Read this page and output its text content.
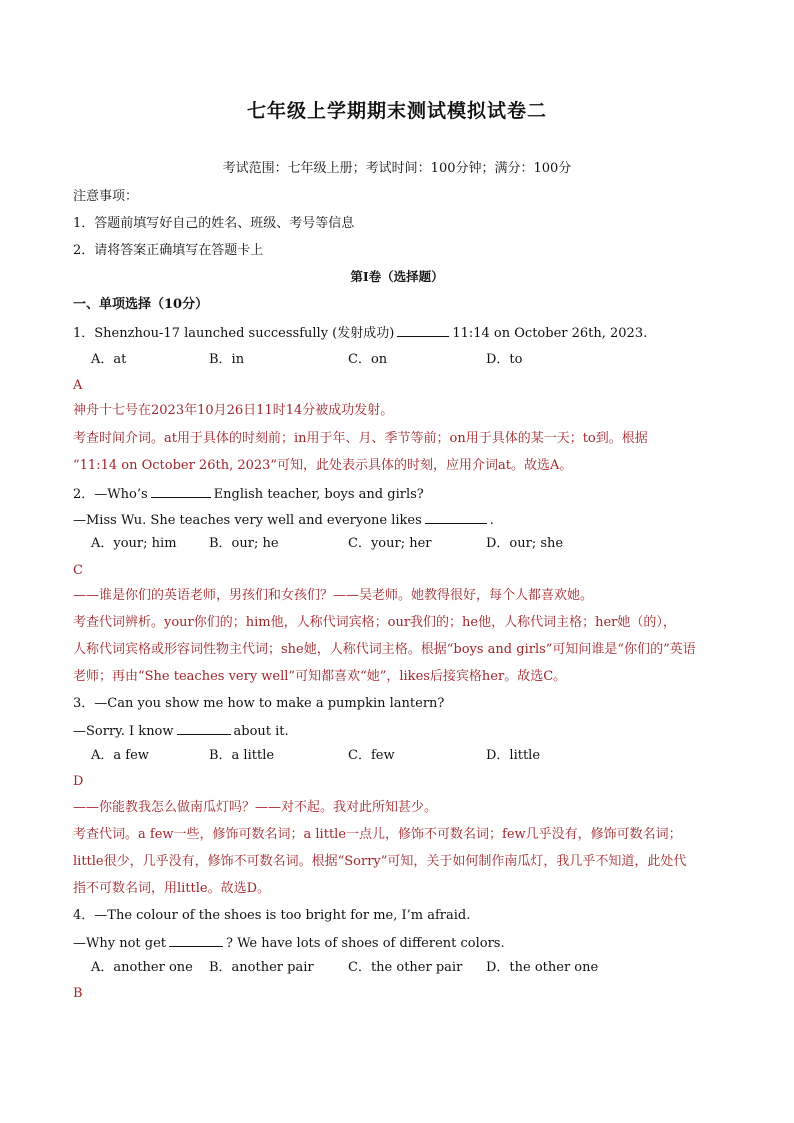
七年级上学期期末测试模拟试卷二
考试范围：七年级上册；考试时间：100分钟；满分：100分
注意事项：
1．答题前填写好自己的姓名、班级、考号等信息
2．请将答案正确填写在答题卡上
第I卷（选择题）
一、单项选择（10分）
1．Shenzhou-17 launched successfully (发射成功)	11:14 on October 26th, 2023.
A．at	B．in	C．on	D．to
A
神舟十七号在2023年10月26日11时14分被成功发射。
考查时间介词。at用于具体的时刻前；in用于年、月、季节等前；on用于具体的某一天；to到。根据
“11:14 on October 26th, 2023”可知，此处表示具体的时刻，应用介词at。故选A。
2．—Who’s	English teacher, boys and girls?
—Miss Wu. She teaches very well and everyone likes	.
A．your; him B．our; he	C．your; her	D．our; she
C
——谁是你们的英语老师，男孩们和女孩们？——吴老师。她教得很好，每个人都喜欢她。
考查代词辨析。your你们的；him他，人称代词宾格；our我们的；he他，人称代词主格；her她（的），
人称代词宾格或形容词性物主代词；she她，人称代词主格。根据“boys and girls”可知问谁是“你们的”英语
老师；再由“She teaches very well”可知都喜欢“她”，likes后接宾格her。故选C。
3．—Can you show me how to make a pumpkin lantern?
—Sorry. I know	about it.
A．a few	B．a little	C．few	D．little
D
——你能教我怎么做南瓜灯吗？——对不起。我对此所知甚少。
考查代词。a few一些，修饰可数名词；a little一点儿，修饰不可数名词；few几乎没有，修饰可数名词；
little很少，几乎没有，修饰不可数名词。根据“Sorry”可知，关于如何制作南瓜灯，我几乎不知道，此处代
指不可数名词，用little。故选D。
4．—The colour of the shoes is too bright for me, I’m afraid.
—Why not get	? We have lots of shoes of different colors.
A．another one B．another pair	C．the other pair D．the other one
B
